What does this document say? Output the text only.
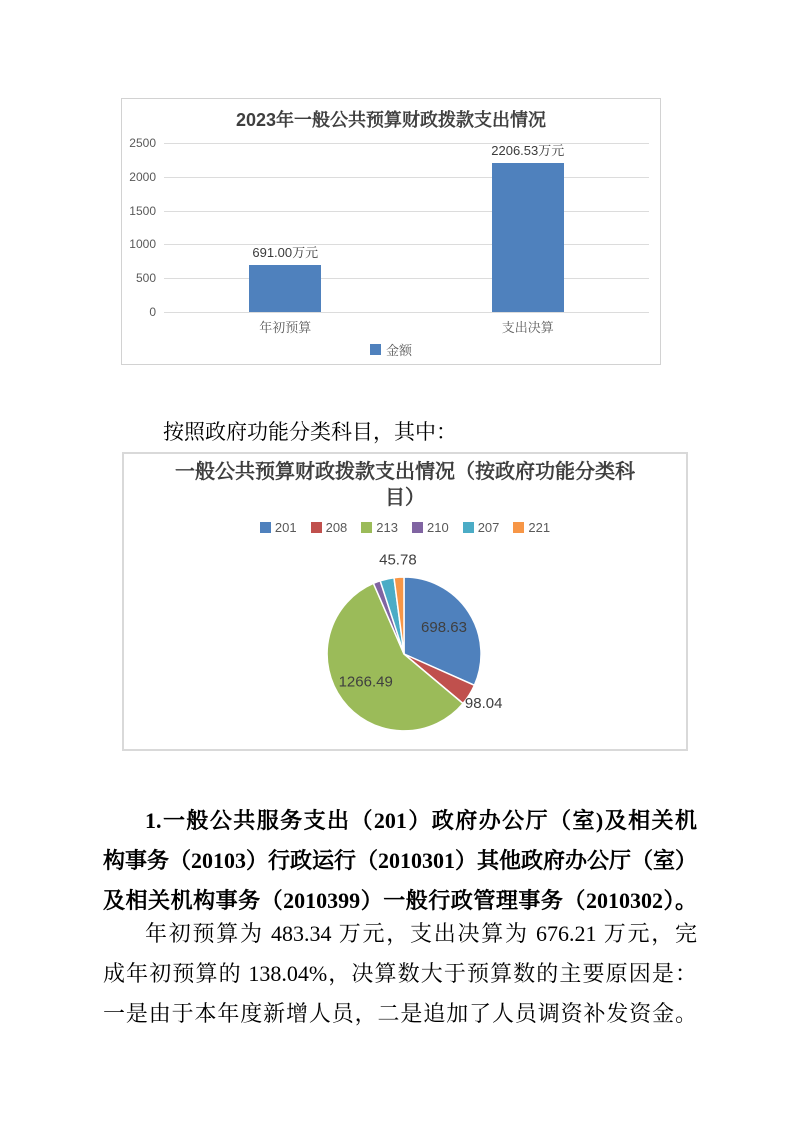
2023年一般公共预算财政拨款支出情况
0
500
1000
1500
2000
2500
691.00万元
年初预算
2206.53万元
支出决算
金额
按照政府功能分类科目，其中：
一般公共预算财政拨款支出情况（按政府功能分类科
目）
201 208 213 210 207 221
698.63
98.04
1266.49
45.78
1.一般公共服务支出（201）政府办公厅（室)及相关机
构事务（20103）行政运行（2010301）其他政府办公厅（室）
及相关机构事务（2010399）一般行政管理事务（2010302）。
年初预算为 483.34 万元，支出决算为 676.21 万元，完
成年初预算的 138.04%，决算数大于预算数的主要原因是：
一是由于本年度新增人员，二是追加了人员调资补发资金。
